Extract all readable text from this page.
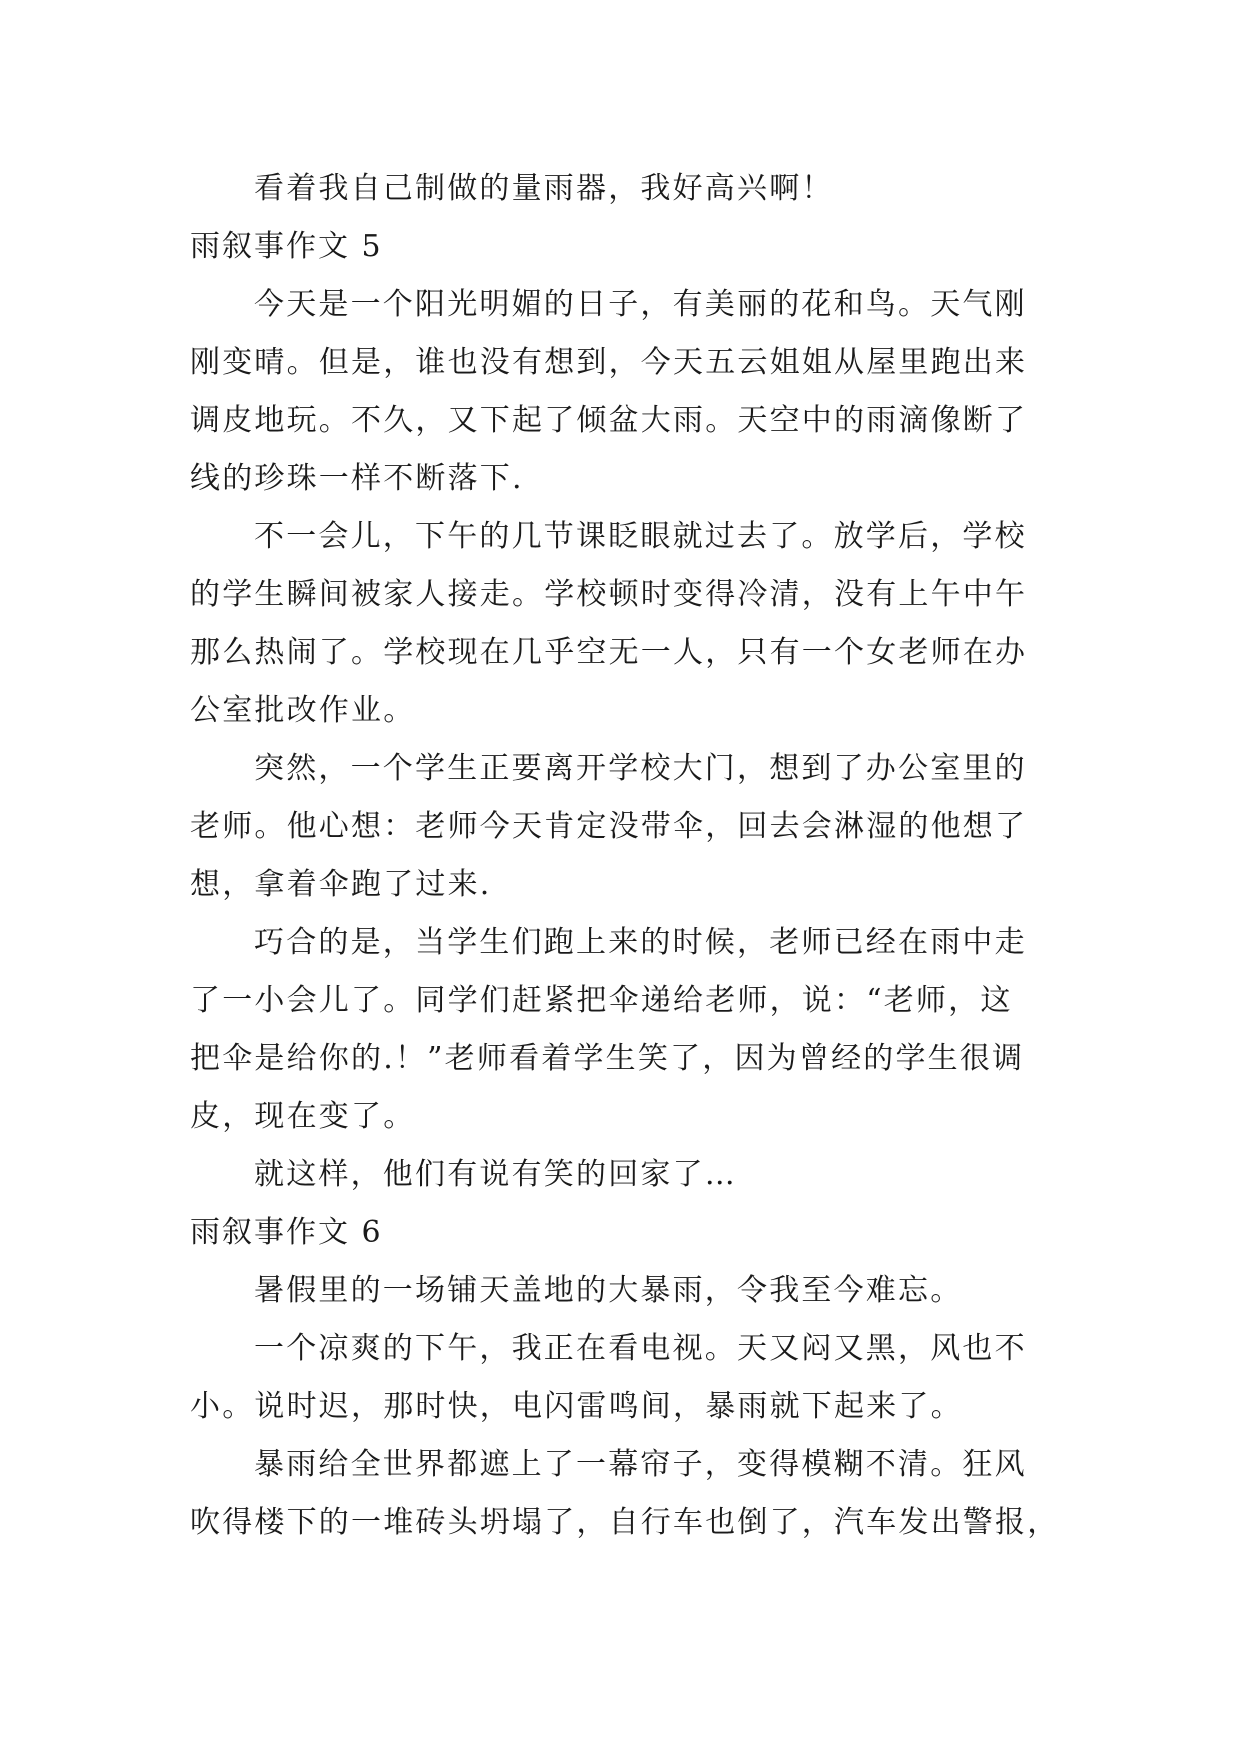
看着我自己制做的量雨器，我好高兴啊！
雨叙事作文 5
今天是一个阳光明媚的日子，有美丽的花和鸟。天气刚
刚变晴。但是，谁也没有想到，今天五云姐姐从屋里跑出来
调皮地玩。不久，又下起了倾盆大雨。天空中的雨滴像断了
线的珍珠一样不断落下.
不一会儿，下午的几节课眨眼就过去了。放学后，学校
的学生瞬间被家人接走。学校顿时变得冷清，没有上午中午
那么热闹了。学校现在几乎空无一人，只有一个女老师在办
公室批改作业。
突然，一个学生正要离开学校大门，想到了办公室里的
老师。他心想：老师今天肯定没带伞，回去会淋湿的他想了
想，拿着伞跑了过来.
巧合的是，当学生们跑上来的时候，老师已经在雨中走
了一小会儿了。同学们赶紧把伞递给老师，说：“老师，这
把伞是给你的.！”老师看着学生笑了，因为曾经的学生很调
皮，现在变了。
就这样，他们有说有笑的回家了…
雨叙事作文 6
暑假里的一场铺天盖地的大暴雨，令我至今难忘。
一个凉爽的下午，我正在看电视。天又闷又黑，风也不
小。说时迟，那时快，电闪雷鸣间，暴雨就下起来了。
暴雨给全世界都遮上了一幕帘子，变得模糊不清。狂风
吹得楼下的一堆砖头坍塌了，自行车也倒了，汽车发出警报，
